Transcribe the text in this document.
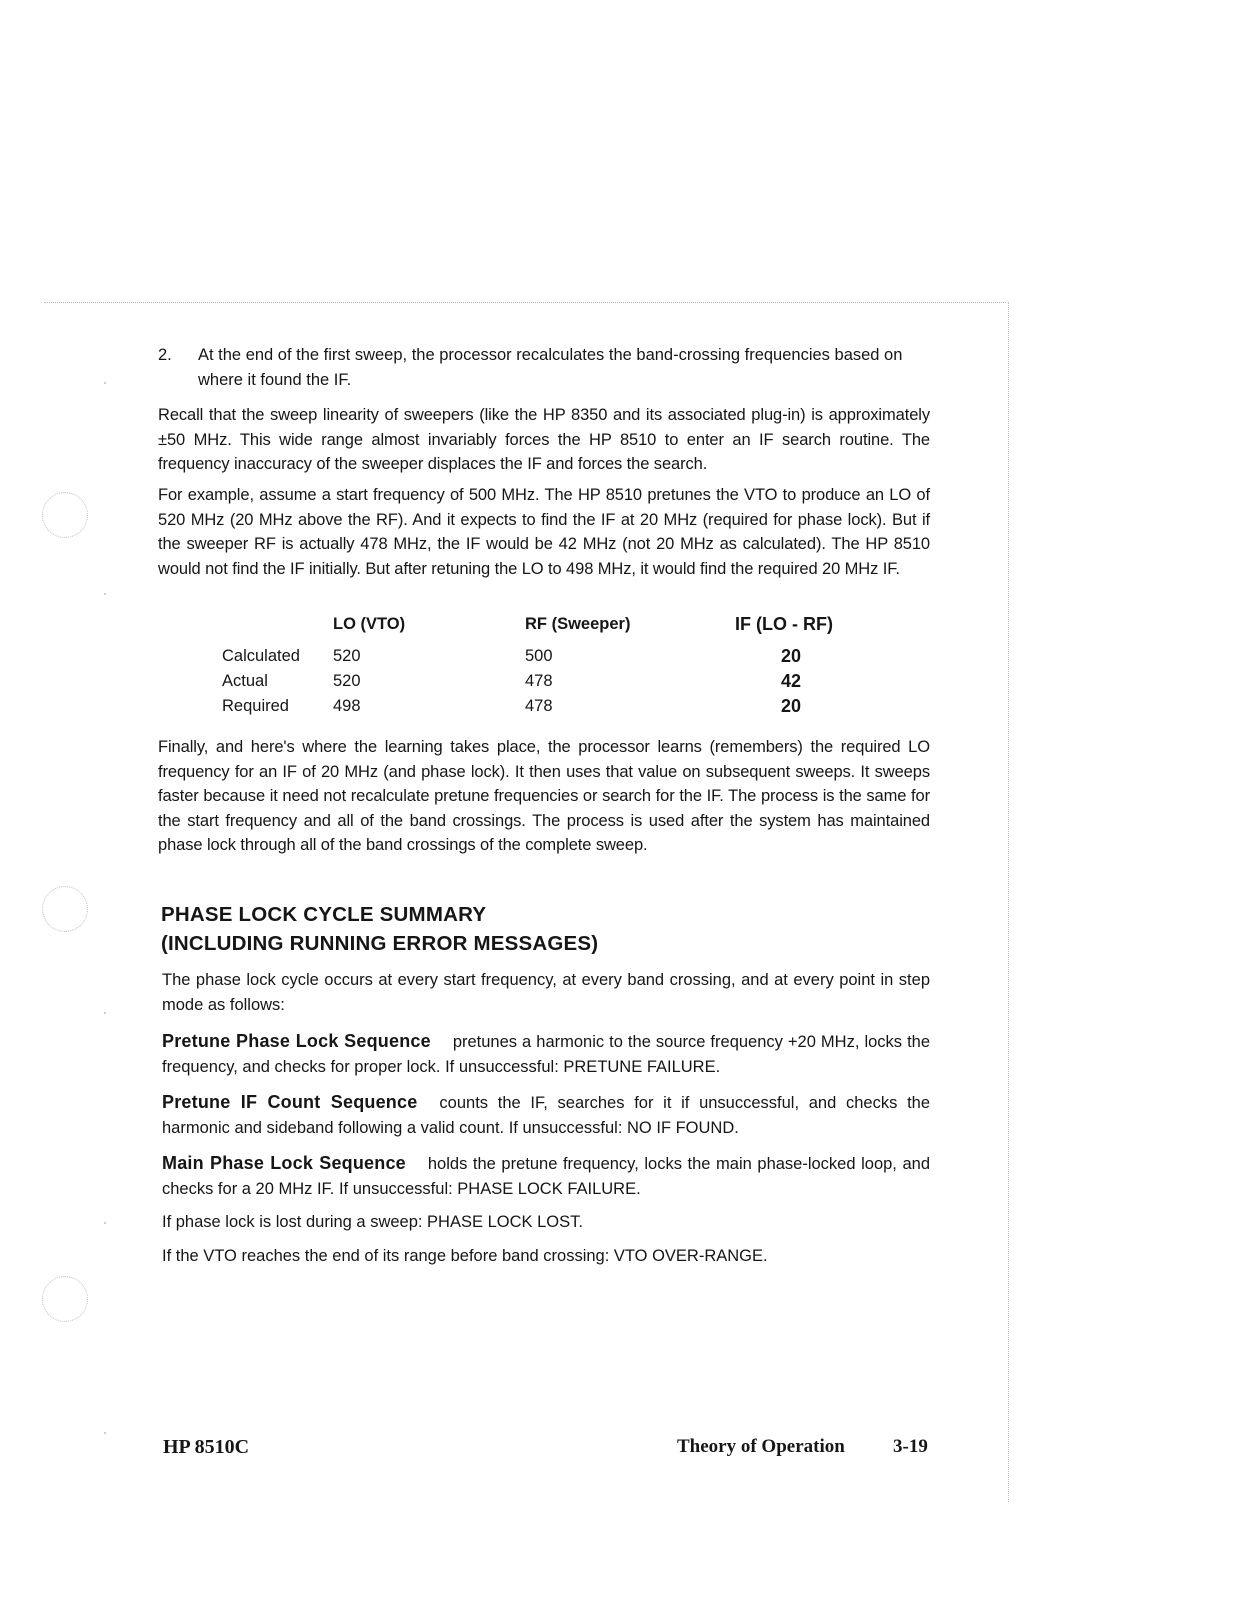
2. At the end of the first sweep, the processor recalculates the band-crossing frequencies based on where it found the IF.

Recall that the sweep linearity of sweepers (like the HP 8350 and its associated plug-in) is approximately ±50 MHz. This wide range almost invariably forces the HP 8510 to enter an IF search routine. The frequency inaccuracy of the sweeper displaces the IF and forces the search.

For example, assume a start frequency of 500 MHz. The HP 8510 pretunes the VTO to produce an LO of 520 MHz (20 MHz above the RF). And it expects to find the IF at 20 MHz (required for phase lock). But if the sweeper RF is actually 478 MHz, the IF would be 42 MHz (not 20 MHz as calculated). The HP 8510 would not find the IF initially. But after retuning the LO to 498 MHz, it would find the required 20 MHz IF.

	LO (VTO)	RF (Sweeper)	IF (LO - RF)
Calculated	520	500	20
Actual	520	478	42
Required	498	478	20

Finally, and here's where the learning takes place, the processor learns (remembers) the required LO frequency for an IF of 20 MHz (and phase lock). It then uses that value on subsequent sweeps. It sweeps faster because it need not recalculate pretune frequencies or search for the IF. The process is the same for the start frequency and all of the band crossings. The process is used after the system has maintained phase lock through all of the band crossings of the complete sweep.

PHASE LOCK CYCLE SUMMARY
(INCLUDING RUNNING ERROR MESSAGES)

The phase lock cycle occurs at every start frequency, at every band crossing, and at every point in step mode as follows:

Pretune Phase Lock Sequence pretunes a harmonic to the source frequency +20 MHz, locks the frequency, and checks for proper lock. If unsuccessful: PRETUNE FAILURE.

Pretune IF Count Sequence counts the IF, searches for it if unsuccessful, and checks the harmonic and sideband following a valid count. If unsuccessful: NO IF FOUND.

Main Phase Lock Sequence holds the pretune frequency, locks the main phase-locked loop, and checks for a 20 MHz IF. If unsuccessful: PHASE LOCK FAILURE.

If phase lock is lost during a sweep: PHASE LOCK LOST.

If the VTO reaches the end of its range before band crossing: VTO OVER-RANGE.

HP 8510C	Theory of Operation	3-19
